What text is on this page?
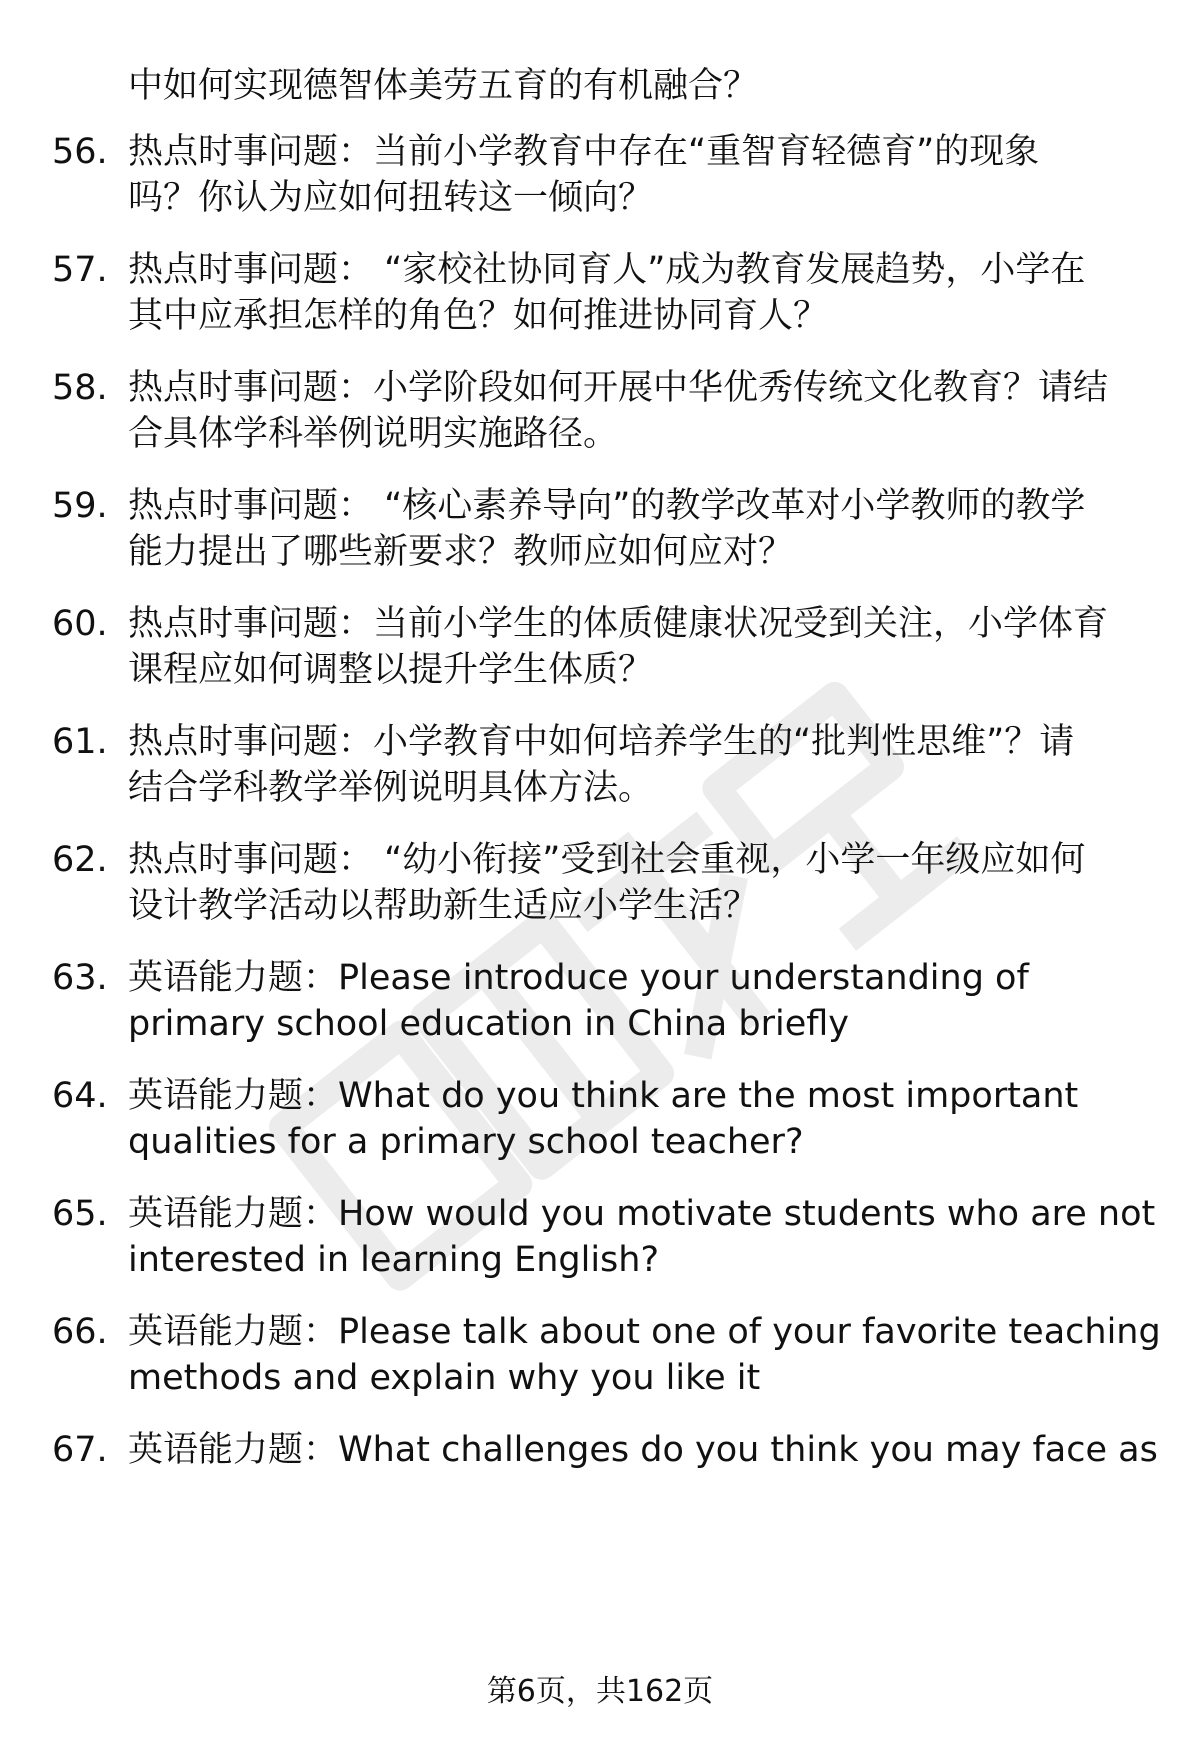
中如何实现德智体美劳五育的有机融合？
56. 热点时事问题：当前小学教育中存在“重智育轻德育”的现象
吗？你认为应如何扭转这一倾向？
57. 热点时事问题： “家校社协同育人”成为教育发展趋势，小学在
其中应承担怎样的角色？如何推进协同育人？
58. 热点时事问题：小学阶段如何开展中华优秀传统文化教育？请结
合具体学科举例说明实施路径。
59. 热点时事问题： “核心素养导向”的教学改革对小学教师的教学
能力提出了哪些新要求？教师应如何应对？
60. 热点时事问题：当前小学生的体质健康状况受到关注，小学体育
课程应如何调整以提升学生体质？
61. 热点时事问题：小学教育中如何培养学生的“批判性思维”？请
结合学科教学举例说明具体方法。
62. 热点时事问题： “幼小衔接”受到社会重视，小学一年级应如何
设计教学活动以帮助新生适应小学生活？
63. 英语能力题：Please introduce your understanding of
primary school education in China briefly
64. 英语能力题：What do you think are the most important
qualities for a primary school teacher?
65. 英语能力题：How would you motivate students who are not
interested in learning English?
66. 英语能力题：Please talk about one of your favorite teaching
methods and explain why you like it
67. 英语能力题：What challenges do you think you may face as
第6页，共162页
